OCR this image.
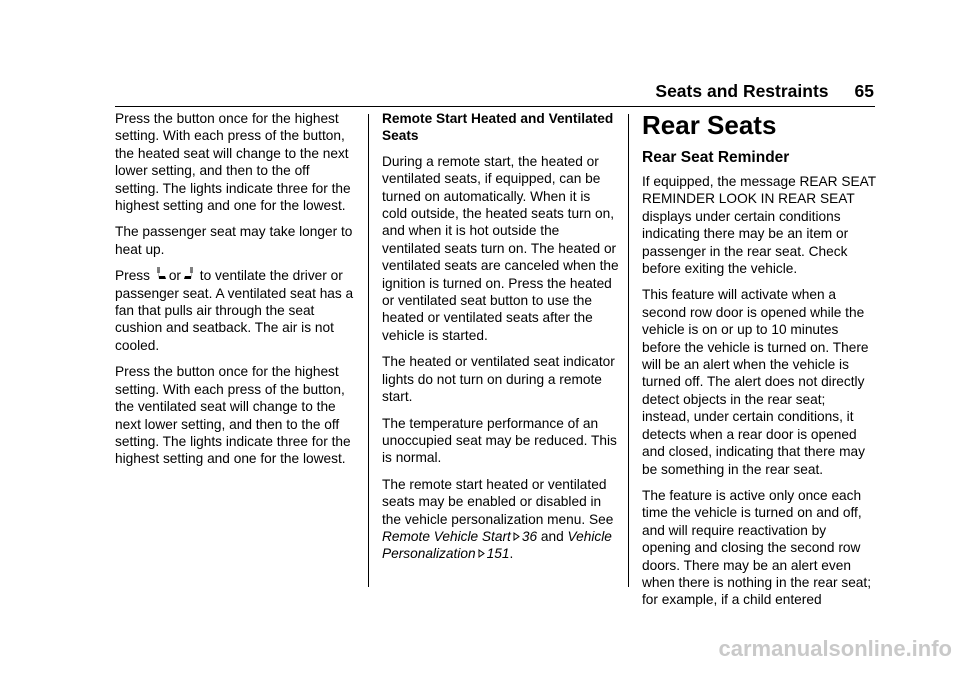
Seats and Restraints 65

Press the button once for the highest setting. With each press of the button, the heated seat will change to the next lower setting, and then to the off setting. The lights indicate three for the highest setting and one for the lowest.

The passenger seat may take longer to heat up.

Press or to ventilate the driver or passenger seat. A ventilated seat has a fan that pulls air through the seat cushion and seatback. The air is not cooled.

Press the button once for the highest setting. With each press of the button, the ventilated seat will change to the next lower setting, and then to the off setting. The lights indicate three for the highest setting and one for the lowest.

Remote Start Heated and Ventilated Seats

During a remote start, the heated or ventilated seats, if equipped, can be turned on automatically. When it is cold outside, the heated seats turn on, and when it is hot outside the ventilated seats turn on. The heated or ventilated seats are canceled when the ignition is turned on. Press the heated or ventilated seat button to use the heated or ventilated seats after the vehicle is started.

The heated or ventilated seat indicator lights do not turn on during a remote start.

The temperature performance of an unoccupied seat may be reduced. This is normal.

The remote start heated or ventilated seats may be enabled or disabled in the vehicle personalization menu. See Remote Vehicle Start 36 and Vehicle Personalization 151.

Rear Seats
Rear Seat Reminder

If equipped, the message REAR SEAT REMINDER LOOK IN REAR SEAT displays under certain conditions indicating there may be an item or passenger in the rear seat. Check before exiting the vehicle.

This feature will activate when a second row door is opened while the vehicle is on or up to 10 minutes before the vehicle is turned on. There will be an alert when the vehicle is turned off. The alert does not directly detect objects in the rear seat; instead, under certain conditions, it detects when a rear door is opened and closed, indicating that there may be something in the rear seat.

The feature is active only once each time the vehicle is turned on and off, and will require reactivation by opening and closing the second row doors. There may be an alert even when there is nothing in the rear seat; for example, if a child entered

carmanualsonline.info
